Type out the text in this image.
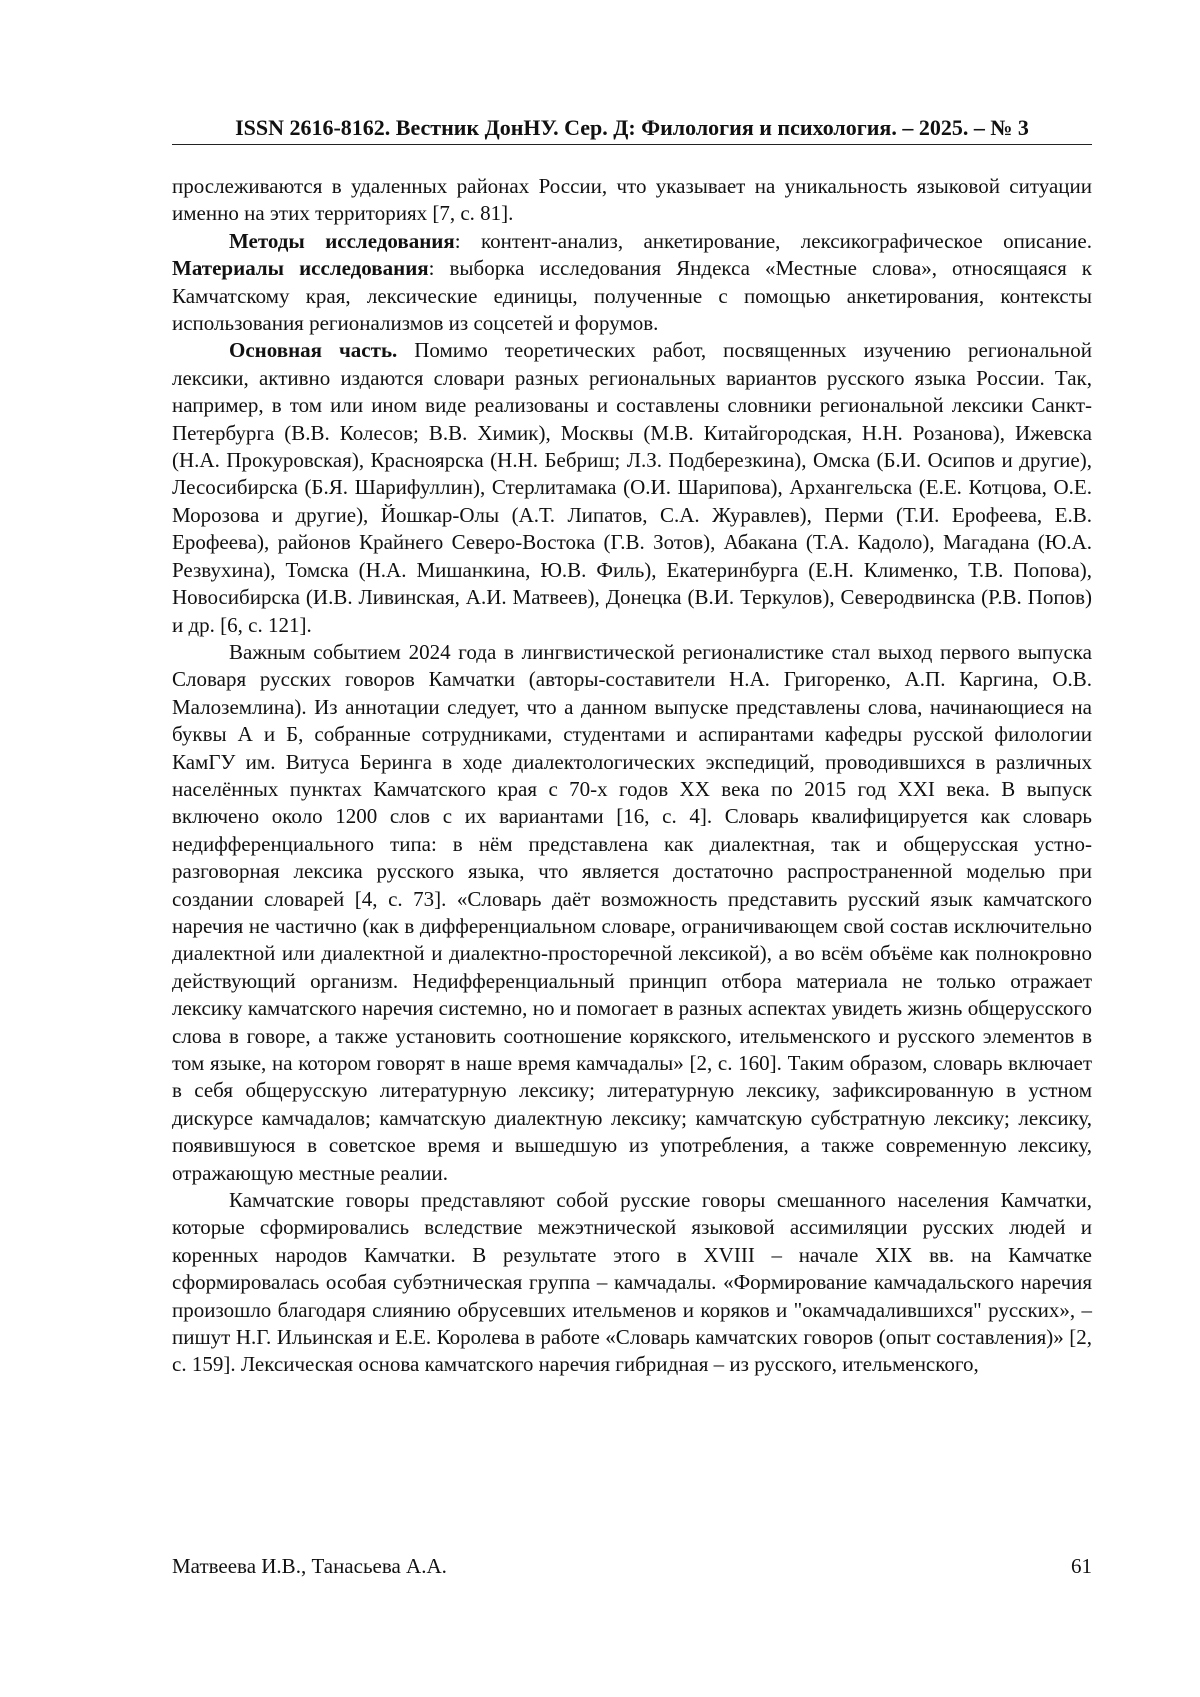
ISSN 2616-8162. Вестник ДонНУ. Сер. Д: Филология и психология. – 2025. – № 3

прослеживаются в удаленных районах России, что указывает на уникальность языковой ситуации именно на этих территориях [7, с. 81].

Методы исследования: контент-анализ, анкетирование, лексикографическое описание. Материалы исследования: выборка исследования Яндекса «Местные слова», относящаяся к Камчатскому края, лексические единицы, полученные с помощью анкетирования, контексты использования регионализмов из соцсетей и форумов.

Основная часть. Помимо теоретических работ, посвященных изучению региональной лексики, активно издаются словари разных региональных вариантов русского языка России. Так, например, в том или ином виде реализованы и составлены словники региональной лексики Санкт-Петербурга (В.В. Колесов; В.В. Химик), Москвы (М.В. Китайгородская, Н.Н. Розанова), Ижевска (Н.А. Прокуровская), Красноярска (Н.Н. Бебриш; Л.З. Подберезкина), Омска (Б.И. Осипов и другие), Лесосибирска (Б.Я. Шарифуллин), Стерлитамака (О.И. Шарипова), Архангельска (Е.Е. Котцова, О.Е. Морозова и другие), Йошкар-Олы (А.Т. Липатов, С.А. Журавлев), Перми (Т.И. Ерофеева, Е.В. Ерофеева), районов Крайнего Северо-Востока (Г.В. Зотов), Абакана (Т.А. Кадоло), Магадана (Ю.А. Резвухина), Томска (Н.А. Мишанкина, Ю.В. Филь), Екатеринбурга (Е.Н. Клименко, Т.В. Попова), Новосибирска (И.В. Ливинская, А.И. Матвеев), Донецка (В.И. Теркулов), Северодвинска (Р.В. Попов) и др. [6, с. 121].

Важным событием 2024 года в лингвистической регионалистике стал выход первого выпуска Словаря русских говоров Камчатки (авторы-составители Н.А. Григоренко, А.П. Каргина, О.В. Малоземлина). Из аннотации следует, что а данном выпуске представлены слова, начинающиеся на буквы А и Б, собранные сотрудниками, студентами и аспирантами кафедры русской филологии КамГУ им. Витуса Беринга в ходе диалектологических экспедиций, проводившихся в различных населённых пунктах Камчатского края с 70-х годов XX века по 2015 год XXI века. В выпуск включено около 1200 слов с их вариантами [16, с. 4]. Словарь квалифицируется как словарь недифференциального типа: в нём представлена как диалектная, так и общерусская устно-разговорная лексика русского языка, что является достаточно распространенной моделью при создании словарей [4, с. 73]. «Словарь даёт возможность представить русский язык камчатского наречия не частично (как в дифференциальном словаре, ограничивающем свой состав исключительно диалектной или диалектной и диалектно-просторечной лексикой), а во всём объёме как полнокровно действующий организм. Недифференциальный принцип отбора материала не только отражает лексику камчатского наречия системно, но и помогает в разных аспектах увидеть жизнь общерусского слова в говоре, а также установить соотношение корякского, ительменского и русского элементов в том языке, на котором говорят в наше время камчадалы» [2, с. 160]. Таким образом, словарь включает в себя общерусскую литературную лексику; литературную лексику, зафиксированную в устном дискурсе камчадалов; камчатскую диалектную лексику; камчатскую субстратную лексику; лексику, появившуюся в советское время и вышедшую из употребления, а также современную лексику, отражающую местные реалии.

Камчатские говоры представляют собой русские говоры смешанного населения Камчатки, которые сформировались вследствие межэтнической языковой ассимиляции русских людей и коренных народов Камчатки. В результате этого в XVIII – начале XIX вв. на Камчатке сформировалась особая субэтническая группа – камчадалы. «Формирование камчадальского наречия произошло благодаря слиянию обрусевших ительменов и коряков и "окамчадалившихся" русских», – пишут Н.Г. Ильинская и Е.Е. Королева в работе «Словарь камчатских говоров (опыт составления)» [2, с. 159]. Лексическая основа камчатского наречия гибридная – из русского, ительменского,

Матвеева И.В., Танасьева А.А.	61
